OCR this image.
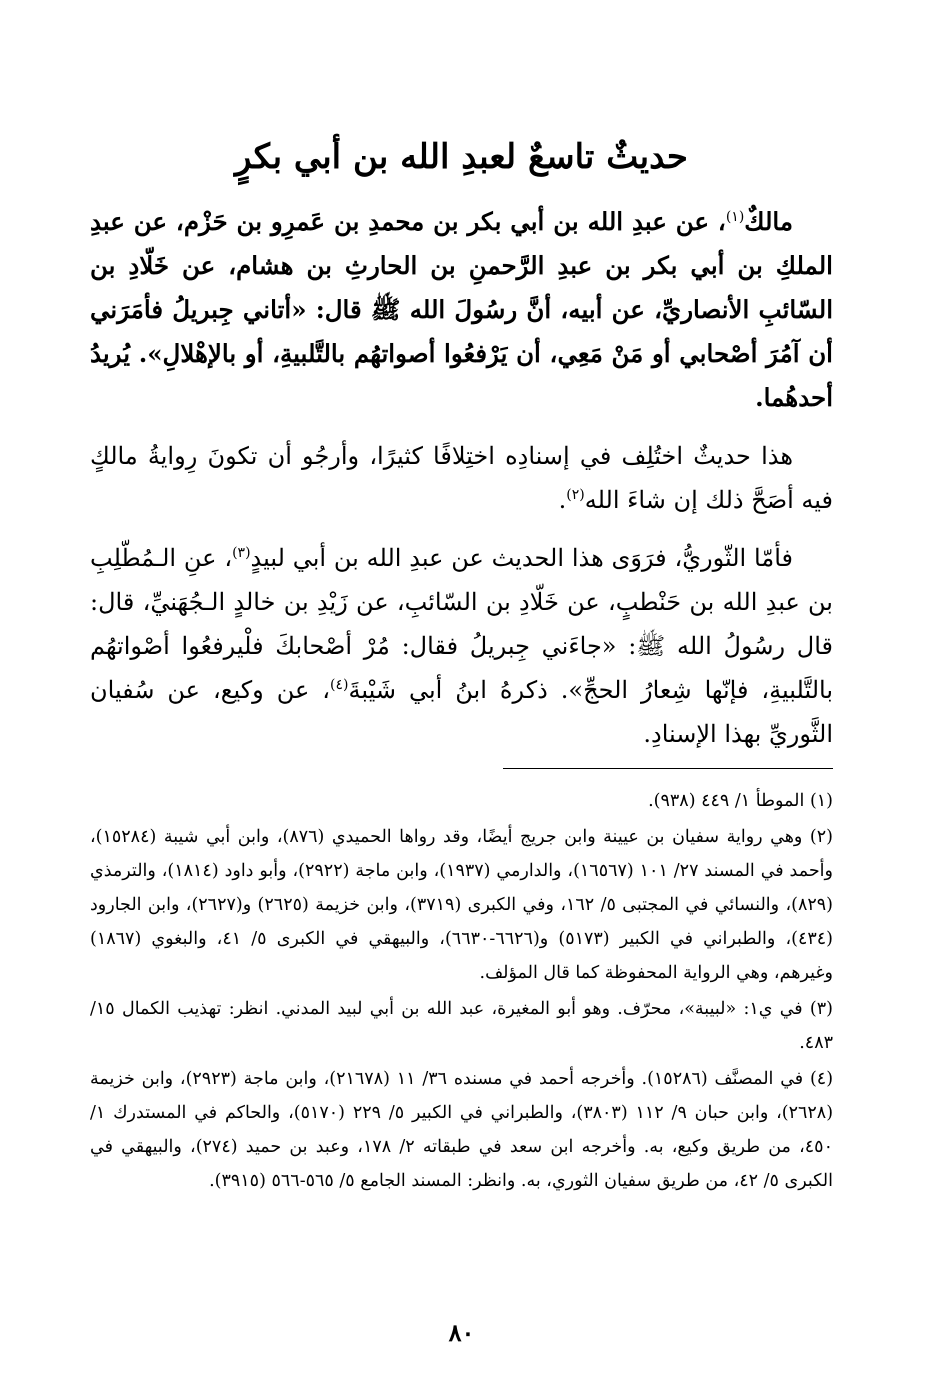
حديثٌ تاسعٌ لعبدِ الله بن أبي بكرٍ

مالكٌ$^{(١)}$، عن عبدِ الله بن أبي بكر بن محمدِ بن عَمرِو بن حَزْم، عن عبدِ الملكِ بن أبي بكر بن عبدِ الرَّحمنِ بن الحارثِ بن هشام، عن خَلّادِ بن السّائبِ الأنصاريِّ، عن أبيه، أنَّ رسُولَ الله ﷺ قال: «أتاني جِبريلُ فأمَرَني أن آمُرَ أصْحابي أو مَنْ مَعِي، أن يَرْفعُوا أصواتهُم بالتَّلبيةِ، أو بالإهْلالِ». يُريدُ أحدهُما.

هذا حديثٌ اختُلِف في إسنادِه اختِلافًا كثيرًا، وأرجُو أن تكونَ رِوايةُ مالكٍ فيه أصَحَّ ذلك إن شاءَ الله$^{(٢)}$.

فأمّا الثّوريُّ، فرَوَى هذا الحديث عن عبدِ الله بن أبي لبيدٍ$^{(٣)}$، عنِ الـمُطّلِبِ بن عبدِ الله بن حَنْطبٍ، عن خَلّادِ بن السّائبِ، عن زَيْدِ بن خالدٍ الـجُهَنيِّ، قال: قال رسُولُ الله ﷺ: «جاءَني جِبريلُ فقال: مُرْ أصْحابكَ فلْيرفعُوا أصْواتهُم بالتَّلبيةِ، فإنّها شِعارُ الحجِّ». ذكرهُ ابنُ أبي شَيْبةَ$^{(٤)}$، عن وكيع، عن سُفيان الثَّوريِّ بهذا الإسنادِ.

(١) الموطأ ١/ ٤٤٩ (٩٣٨).

(٢) وهي رواية سفيان بن عيينة وابن جريج أيضًا، وقد رواها الحميدي (٨٧٦)، وابن أبي شيبة (١٥٢٨٤)، وأحمد في المسند ٢٧/ ١٠١ (١٦٥٦٧)، والدارمي (١٩٣٧)، وابن ماجة (٢٩٢٢)، وأبو داود (١٨١٤)، والترمذي (٨٢٩)، والنسائي في المجتبى ٥/ ١٦٢، وفي الكبرى (٣٧١٩)، وابن خزيمة (٢٦٢٥) و(٢٦٢٧)، وابن الجارود (٤٣٤)، والطبراني في الكبير (٥١٧٣) و(٦٦٢٦-٦٦٣٠)، والبيهقي في الكبرى ٥/ ٤١، والبغوي (١٨٦٧) وغيرهم، وهي الرواية المحفوظة كما قال المؤلف.

(٣) في ي١: «لبيبة»، محرّف. وهو أبو المغيرة، عبد الله بن أبي لبيد المدني. انظر: تهذيب الكمال ١٥/ ٤٨٣.

(٤) في المصنَّف (١٥٢٨٦). وأخرجه أحمد في مسنده ٣٦/ ١١ (٢١٦٧٨)، وابن ماجة (٢٩٢٣)، وابن خزيمة (٢٦٢٨)، وابن حبان ٩/ ١١٢ (٣٨٠٣)، والطبراني في الكبير ٥/ ٢٢٩ (٥١٧٠)، والحاكم في المستدرك ١/ ٤٥٠، من طريق وكيع، به. وأخرجه ابن سعد في طبقاته ٢/ ١٧٨، وعبد بن حميد (٢٧٤)، والبيهقي في الكبرى ٥/ ٤٢، من طريق سفيان الثوري، به. وانظر: المسند الجامع ٥/ ٥٦٥-٥٦٦ (٣٩١٥).

٨٠
